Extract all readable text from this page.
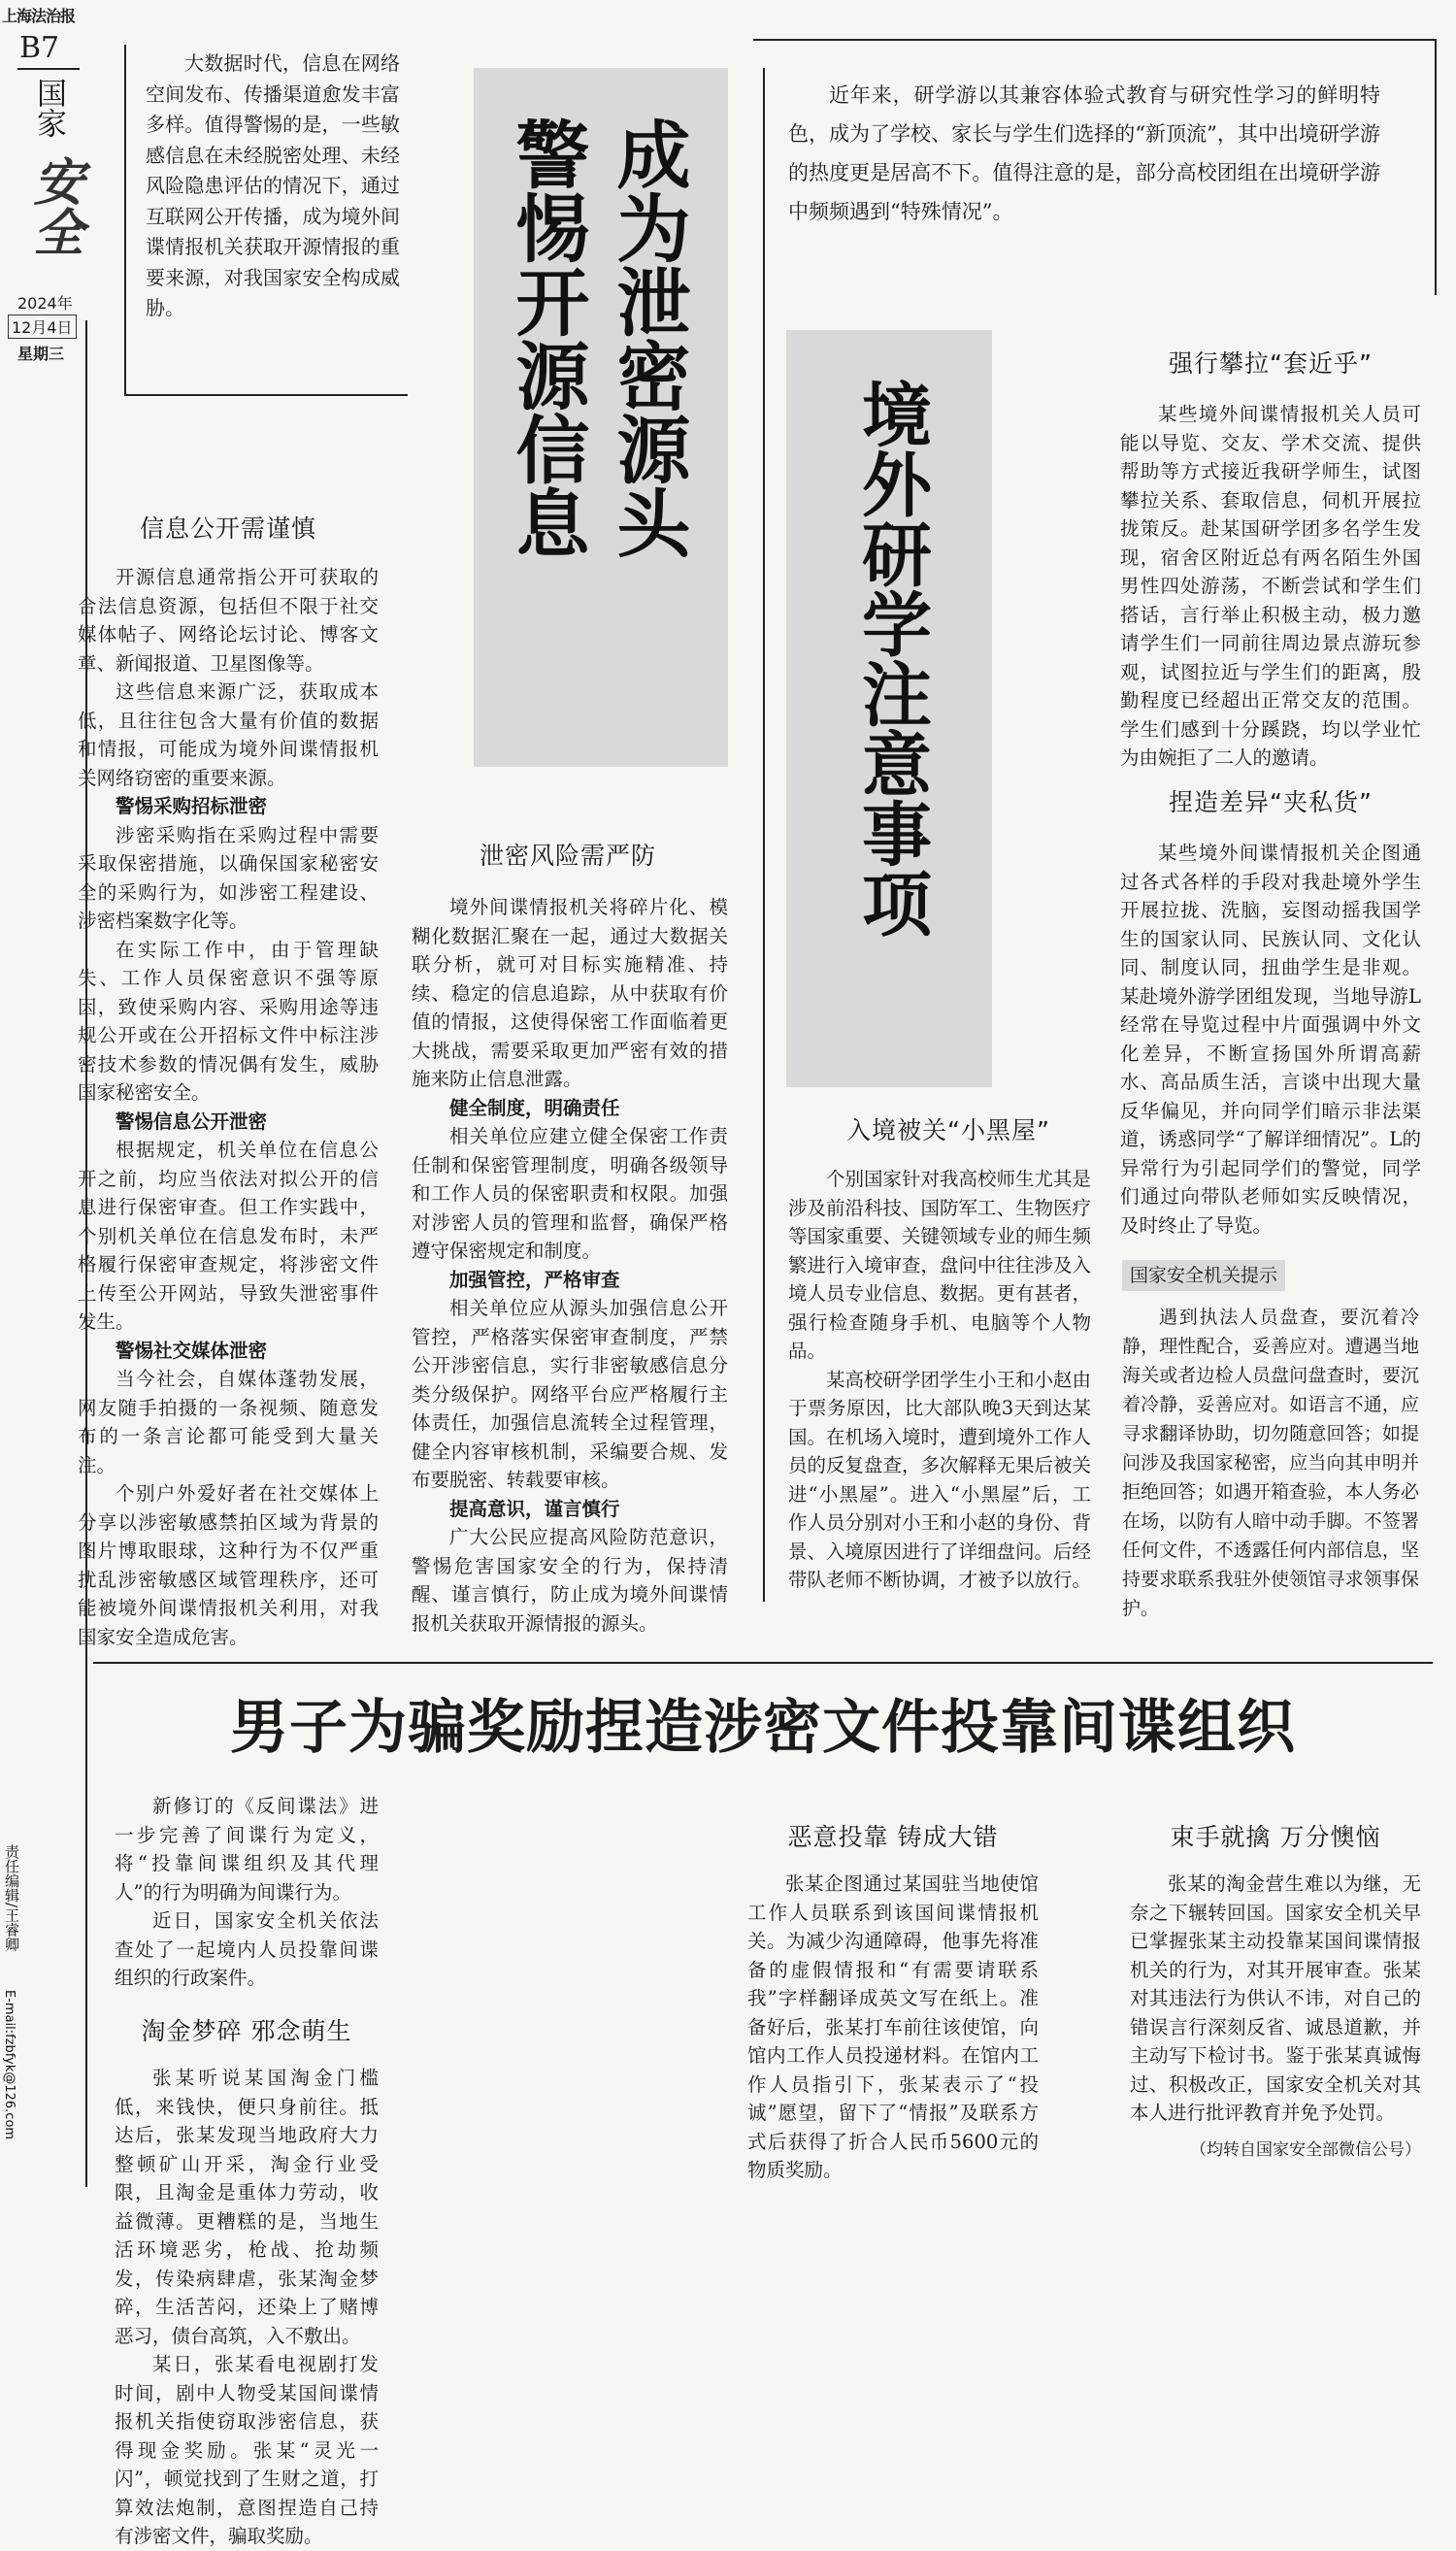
上海法治报
B7
国家
安全
2024年
12月4日
星期三
责任编辑/王睿卿
E-mail:fzbfyk@126.com

大数据时代，信息在网络空间发布、传播渠道愈发丰富多样。值得警惕的是，一些敏感信息在未经脱密处理、未经风险隐患评估的情况下，通过互联网公开传播，成为境外间谍情报机关获取开源情报的重要来源，对我国家安全构成威胁。	成为泄密源头
警惕开源信息
信息公开需谨慎

开源信息通常指公开可获取的合法信息资源，包括但不限于社交媒体帖子、网络论坛讨论、博客文章、新闻报道、卫星图像等。

这些信息来源广泛，获取成本低，且往往包含大量有价值的数据和情报，可能成为境外间谍情报机关网络窃密的重要来源。

警惕采购招标泄密

涉密采购指在采购过程中需要采取保密措施，以确保国家秘密安全的采购行为，如涉密工程建设、涉密档案数字化等。

在实际工作中，由于管理缺失、工作人员保密意识不强等原因，致使采购内容、采购用途等违规公开或在公开招标文件中标注涉密技术参数的情况偶有发生，威胁国家秘密安全。

警惕信息公开泄密

根据规定，机关单位在信息公开之前，均应当依法对拟公开的信息进行保密审查。但工作实践中，个别机关单位在信息发布时，未严格履行保密审查规定，将涉密文件上传至公开网站，导致失泄密事件发生。

警惕社交媒体泄密

当今社会，自媒体蓬勃发展，网友随手拍摄的一条视频、随意发布的一条言论都可能受到大量关注。

个别户外爱好者在社交媒体上分享以涉密敏感禁拍区域为背景的图片博取眼球，这种行为不仅严重扰乱涉密敏感区域管理秩序，还可能被境外间谍情报机关利用，对我国家安全造成危害。

泄密风险需严防

境外间谍情报机关将碎片化、模糊化数据汇聚在一起，通过大数据关联分析，就可对目标实施精准、持续、稳定的信息追踪，从中获取有价值的情报，这使得保密工作面临着更大挑战，需要采取更加严密有效的措施来防止信息泄露。

健全制度，明确责任

相关单位应建立健全保密工作责任制和保密管理制度，明确各级领导和工作人员的保密职责和权限。加强对涉密人员的管理和监督，确保严格遵守保密规定和制度。

加强管控，严格审查

相关单位应从源头加强信息公开管控，严格落实保密审查制度，严禁公开涉密信息，实行非密敏感信息分类分级保护。网络平台应严格履行主体责任，加强信息流转全过程管理，健全内容审核机制，采编要合规、发布要脱密、转载要审核。

提高意识，谨言慎行

广大公民应提高风险防范意识，警惕危害国家安全的行为，保持清醒、谨言慎行，防止成为境外间谍情报机关获取开源情报的源头。

近年来，研学游以其兼容体验式教育与研究性学习的鲜明特色，成为了学校、家长与学生们选择的“新顶流”，其中出境研学游的热度更是居高不下。值得注意的是，部分高校团组在出境研学游中频频遇到“特殊情况”。

境外研学注意事项
入境被关“小黑屋”

个别国家针对我高校师生尤其是涉及前沿科技、国防军工、生物医疗等国家重要、关键领域专业的师生频繁进行入境审查，盘问中往往涉及入境人员专业信息、数据。更有甚者，强行检查随身手机、电脑等个人物品。

某高校研学团学生小王和小赵由于票务原因，比大部队晚3天到达某国。在机场入境时，遭到境外工作人员的反复盘查，多次解释无果后被关进“小黑屋”。进入“小黑屋”后，工作人员分别对小王和小赵的身份、背景、入境原因进行了详细盘问。后经带队老师不断协调，才被予以放行。

强行攀拉“套近乎”

某些境外间谍情报机关人员可能以导览、交友、学术交流、提供帮助等方式接近我研学师生，试图攀拉关系、套取信息，伺机开展拉拢策反。赴某国研学团多名学生发现，宿舍区附近总有两名陌生外国男性四处游荡，不断尝试和学生们搭话，言行举止积极主动，极力邀请学生们一同前往周边景点游玩参观，试图拉近与学生们的距离，殷勤程度已经超出正常交友的范围。学生们感到十分蹊跷，均以学业忙为由婉拒了二人的邀请。

捏造差异“夹私货”

某些境外间谍情报机关企图通过各式各样的手段对我赴境外学生开展拉拢、洗脑，妄图动摇我国学生的国家认同、民族认同、文化认同、制度认同，扭曲学生是非观。某赴境外游学团组发现，当地导游L经常在导览过程中片面强调中外文化差异，不断宣扬国外所谓高薪水、高品质生活，言谈中出现大量反华偏见，并向同学们暗示非法渠道，诱惑同学“了解详细情况”。L的异常行为引起同学们的警觉，同学们通过向带队老师如实反映情况，及时终止了导览。

国家安全机关提示

遇到执法人员盘查，要沉着冷静，理性配合，妥善应对。遭遇当地海关或者边检人员盘问盘查时，要沉着冷静，妥善应对。如语言不通，应寻求翻译协助，切勿随意回答；如提问涉及我国家秘密，应当向其申明并拒绝回答；如遇开箱查验，本人务必在场，以防有人暗中动手脚。不签署任何文件，不透露任何内部信息，坚持要求联系我驻外使领馆寻求领事保护。

男子为骗奖励捏造涉密文件投靠间谍组织

新修订的《反间谍法》进一步完善了间谍行为定义，将“投靠间谍组织及其代理人”的行为明确为间谍行为。

近日，国家安全机关依法查处了一起境内人员投靠间谍组织的行政案件。

淘金梦碎 邪念萌生

张某听说某国淘金门槛低，来钱快，便只身前往。抵达后，张某发现当地政府大力整顿矿山开采，淘金行业受限，且淘金是重体力劳动，收益微薄。更糟糕的是，当地生活环境恶劣，枪战、抢劫频发，传染病肆虐，张某淘金梦碎，生活苦闷，还染上了赌博恶习，债台高筑，入不敷出。

某日，张某看电视剧打发时间，剧中人物受某国间谍情报机关指使窃取涉密信息，获得现金奖励。张某“灵光一闪”，顿觉找到了生财之道，打算效法炮制，意图捏造自己持有涉密文件，骗取奖励。

恶意投靠 铸成大错

张某企图通过某国驻当地使馆工作人员联系到该国间谍情报机关。为减少沟通障碍，他事先将准备的虚假情报和“有需要请联系我”字样翻译成英文写在纸上。准备好后，张某打车前往该使馆，向馆内工作人员投递材料。在馆内工作人员指引下，张某表示了“投诚”愿望，留下了“情报”及联系方式后获得了折合人民币5600元的物质奖励。

束手就擒 万分懊恼

张某的淘金营生难以为继，无奈之下辗转回国。国家安全机关早已掌握张某主动投靠某国间谍情报机关的行为，对其开展审查。张某对其违法行为供认不讳，对自己的错误言行深刻反省、诚恳道歉，并主动写下检讨书。鉴于张某真诚悔过、积极改正，国家安全机关对其本人进行批评教育并免予处罚。

（均转自国家安全部微信公号）
